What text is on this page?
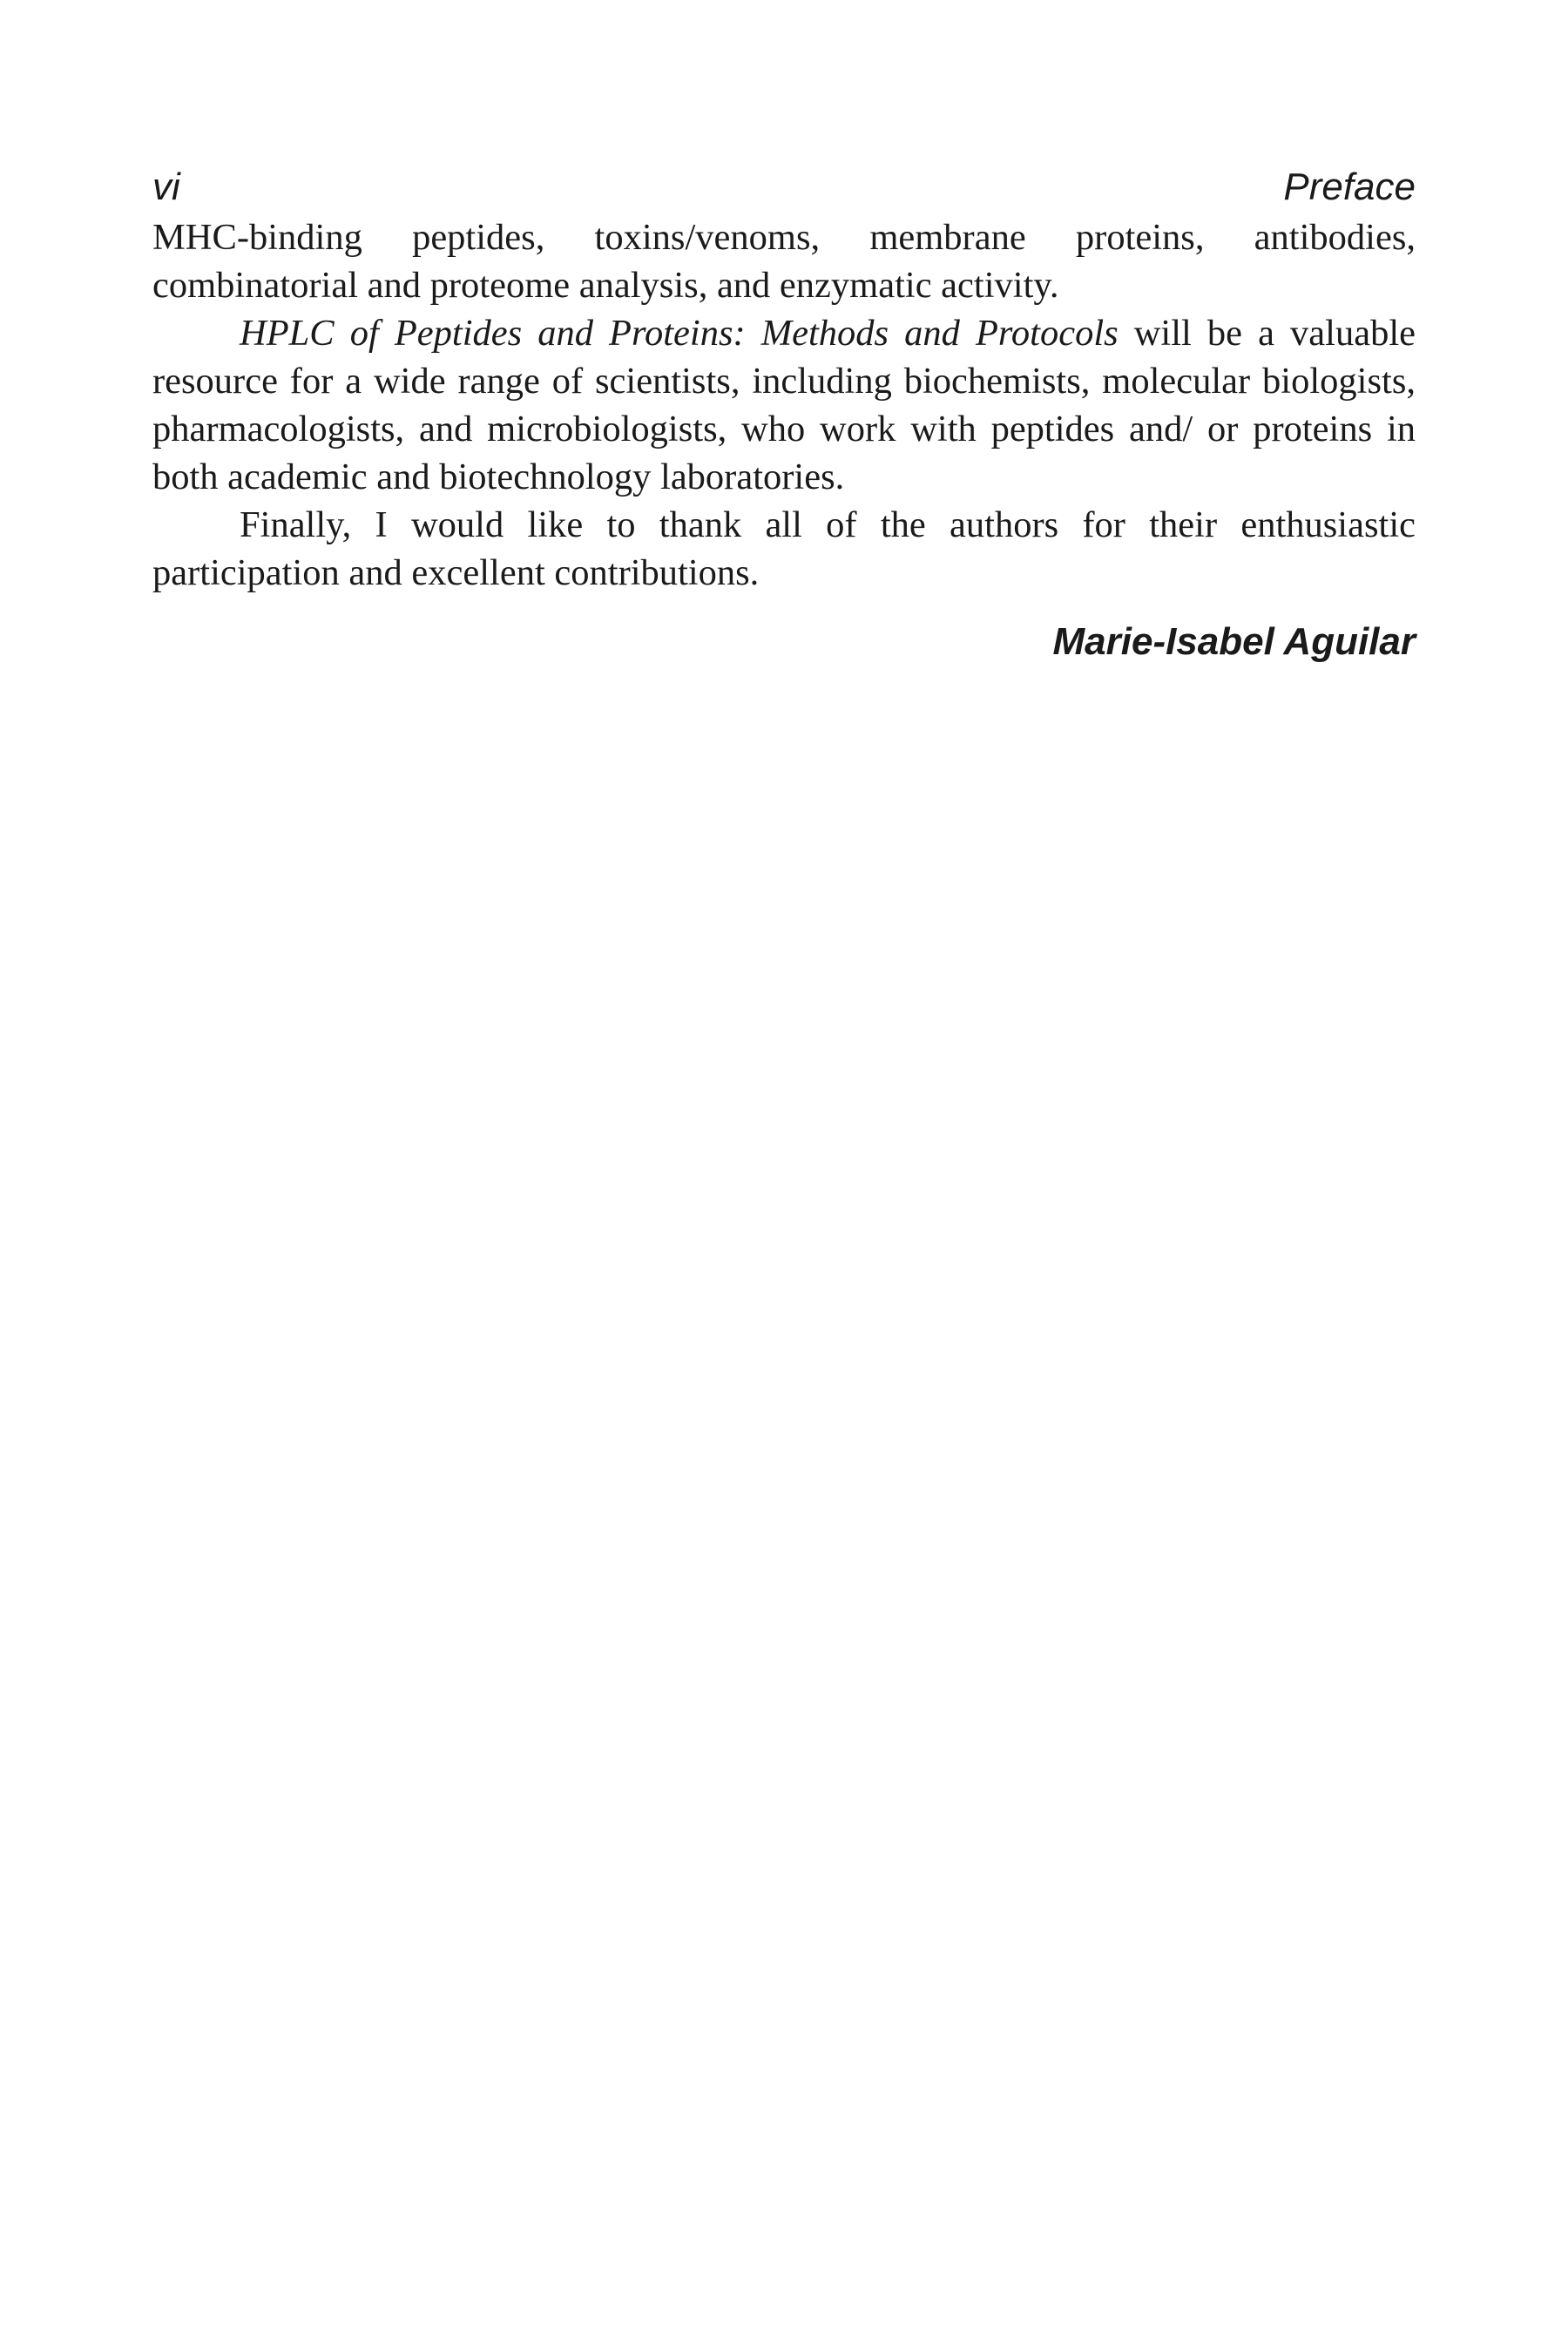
vi	Preface

MHC-binding peptides, toxins/venoms, membrane proteins, antibodies, combinatorial and proteome analysis, and enzymatic activity.

HPLC of Peptides and Proteins: Methods and Protocols will be a valuable resource for a wide range of scientists, including biochemists, molecular biologists, pharmacologists, and microbiologists, who work with peptides and/ or proteins in both academic and biotechnology laboratories.

Finally, I would like to thank all of the authors for their enthusiastic participation and excellent contributions.

Marie-Isabel Aguilar
